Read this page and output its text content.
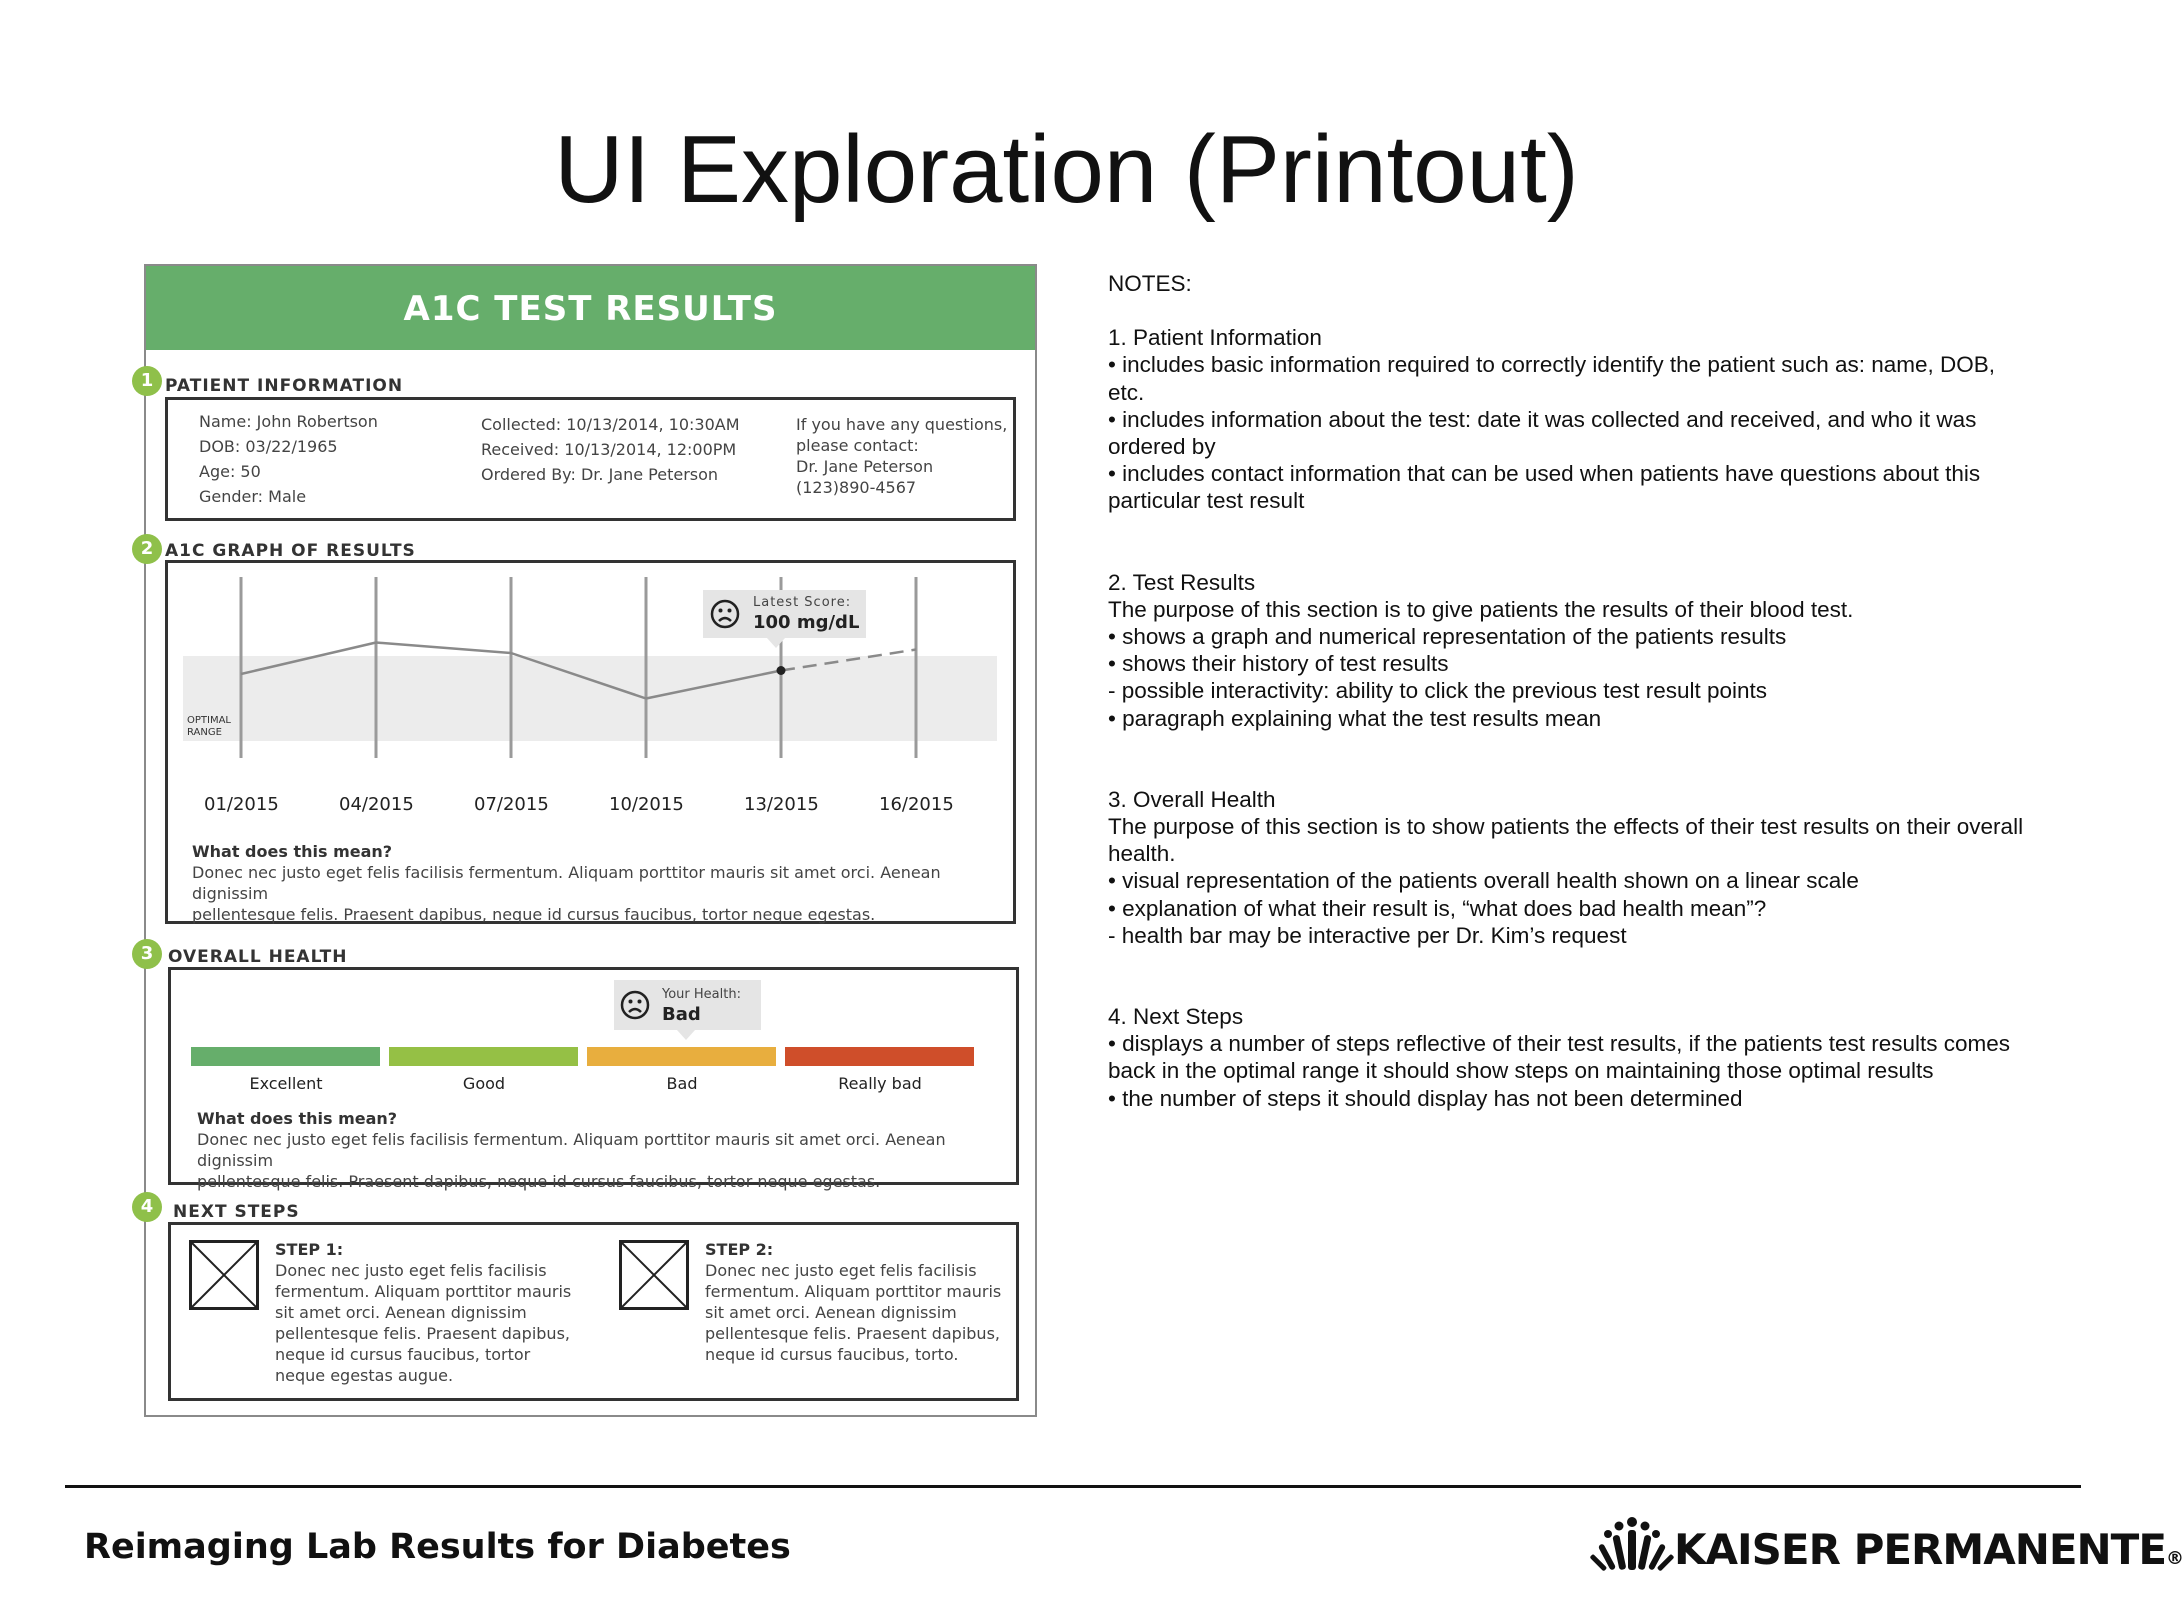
UI Exploration (Printout)
A1C TEST RESULTS
1 PATIENT INFORMATION
Name: John Robertson
DOB: 03/22/1965
Age: 50
Gender: Male
Collected: 10/13/2014, 10:30AM
Received: 10/13/2014, 12:00PM
Ordered By: Dr. Jane Peterson
If you have any questions,
please contact:
Dr. Jane Peterson
(123)890-4567
2 A1C GRAPH OF RESULTS
OPTIMAL
RANGE
01/2015	04/2015	07/2015	10/2015	13/2015	16/2015
Latest Score:
100 mg/dL
What does this mean?
Donec nec justo eget felis facilisis fermentum. Aliquam porttitor mauris sit amet orci. Aenean dignissim
pellentesque felis. Praesent dapibus, neque id cursus faucibus, tortor neque egestas.
3 OVERALL HEALTH
Your Health:
Bad
Excellent	Good	Bad	Really bad
What does this mean?
Donec nec justo eget felis facilisis fermentum. Aliquam porttitor mauris sit amet orci. Aenean dignissim
pellentesque felis. Praesent dapibus, neque id cursus faucibus, tortor neque egestas.
4	NEXT STEPS
STEP 1:
Donec nec justo eget felis facilisis
fermentum. Aliquam porttitor mauris
sit amet orci. Aenean dignissim
pellentesque felis. Praesent dapibus,
neque id cursus faucibus, tortor
neque egestas augue.
STEP 2:
Donec nec justo eget felis facilisis
fermentum. Aliquam porttitor mauris
sit amet orci. Aenean dignissim
pellentesque felis. Praesent dapibus,
neque id cursus faucibus, torto.

NOTES:

1. Patient Information

• includes basic information required to correctly identify the patient such as: name, DOB,

etc.

• includes information about the test: date it was collected and received, and who it was

ordered by

• includes contact information that can be used when patients have questions about this

particular test result

2. Test Results

The purpose of this section is to give patients the results of their blood test.

• shows a graph and numerical representation of the patients results

• shows their history of test results

- possible interactivity: ability to click the previous test result points

• paragraph explaining what the test results mean

3. Overall Health

The purpose of this section is to show patients the effects of their test results on their overall

health.

• visual representation of the patients overall health shown on a linear scale

• explanation of what their result is, “what does bad health mean”?

- health bar may be interactive per Dr. Kim’s request

4. Next Steps

• displays a number of steps reflective of their test results, if the patients test results comes

back in the optimal range it should show steps on maintaining those optimal results

• the number of steps it should display has not been determined

Reimaging Lab Results for Diabetes	KAISER PERMANENTE®
